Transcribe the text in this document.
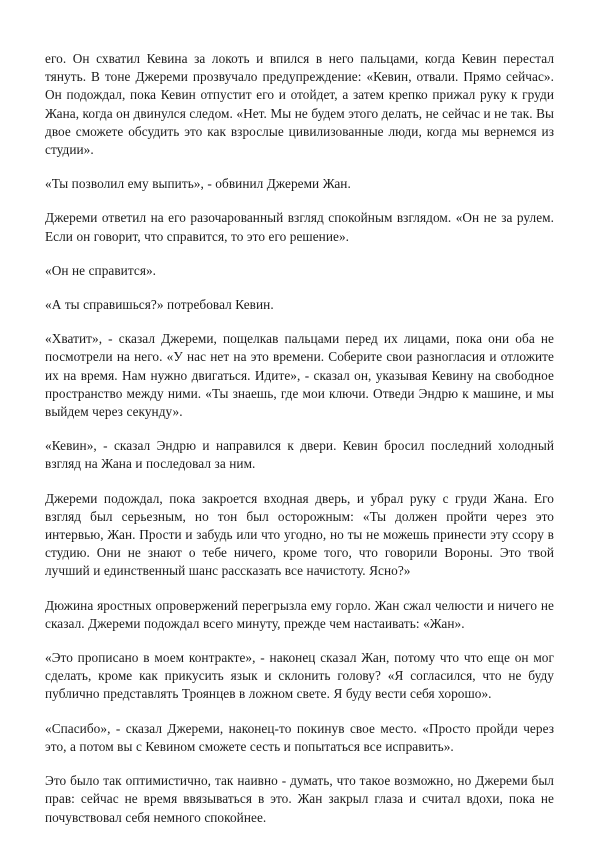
его. Он схватил Кевина за локоть и впился в него пальцами, когда Кевин перестал тянуть. В тоне Джереми прозвучало предупреждение: «Кевин, отвали. Прямо сейчас». Он подождал, пока Кевин отпустит его и отойдет, а затем крепко прижал руку к груди Жана, когда он двинулся следом. «Нет. Мы не будем этого делать, не сейчас и не так. Вы двое сможете обсудить это как взрослые цивилизованные люди, когда мы вернемся из студии».

«Ты позволил ему выпить», - обвинил Джереми Жан.

Джереми ответил на его разочарованный взгляд спокойным взглядом. «Он не за рулем. Если он говорит, что справится, то это его решение».

«Он не справится».

«А ты справишься?» потребовал Кевин.

«Хватит», - сказал Джереми, пощелкав пальцами перед их лицами, пока они оба не посмотрели на него. «У нас нет на это времени. Соберите свои разногласия и отложите их на время. Нам нужно двигаться. Идите», - сказал он, указывая Кевину на свободное пространство между ними. «Ты знаешь, где мои ключи. Отведи Эндрю к машине, и мы выйдем через секунду».

«Кевин», - сказал Эндрю и направился к двери. Кевин бросил последний холодный взгляд на Жана и последовал за ним.

Джереми подождал, пока закроется входная дверь, и убрал руку с груди Жана. Его взгляд был серьезным, но тон был осторожным: «Ты должен пройти через это интервью, Жан. Прости и забудь или что угодно, но ты не можешь принести эту ссору в студию. Они не знают о тебе ничего, кроме того, что говорили Вороны. Это твой лучший и единственный шанс рассказать все начистоту. Ясно?»

Дюжина яростных опровержений перегрызла ему горло. Жан сжал челюсти и ничего не сказал. Джереми подождал всего минуту, прежде чем настаивать: «Жан».

«Это прописано в моем контракте», - наконец сказал Жан, потому что что еще он мог сделать, кроме как прикусить язык и склонить голову? «Я согласился, что не буду публично представлять Троянцев в ложном свете. Я буду вести себя хорошо».

«Спасибо», - сказал Джереми, наконец-то покинув свое место. «Просто пройди через это, а потом вы с Кевином сможете сесть и попытаться все исправить».

Это было так оптимистично, так наивно - думать, что такое возможно, но Джереми был прав: сейчас не время ввязываться в это. Жан закрыл глаза и считал вдохи, пока не почувствовал себя немного спокойнее.
